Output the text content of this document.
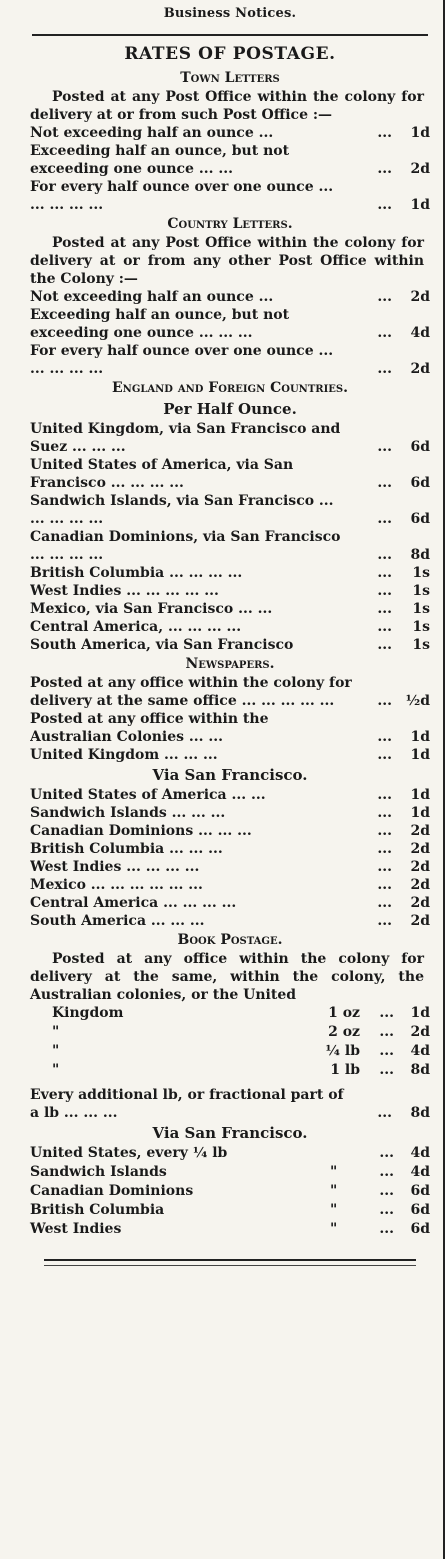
Business Notices.
RATES OF POSTAGE.
Town Letters
Posted at any Post Office within the colony for delivery at or from such Post Office :—
Not exceeding half an ounce ...	...	1d
Exceeding half an ounce, but not exceeding one ounce ... ...	...	2d
For every half ounce over one ounce ... ... ... ... ...	...	1d
Country Letters.
Posted at any Post Office within the colony for delivery at or from any other Post Office within the Colony :—
Not exceeding half an ounce ...	...	2d
Exceeding half an ounce, but not exceeding one ounce ... ... ...	...	4d
For every half ounce over one ounce ... ... ... ... ...	...	2d
England and Foreign Countries.
Per Half Ounce.
United Kingdom, via San Francisco and Suez ... ... ...	...	6d
United States of America, via San Francisco ... ... ... ...	...	6d
Sandwich Islands, via San Francisco ... ... ... ... ...	...	6d
Canadian Dominions, via San Francisco ... ... ... ...	...	8d
British Columbia ... ... ... ...	...	1s
West Indies ... ... ... ... ...	...	1s
Mexico, via San Francisco ... ...	...	1s
Central America, ... ... ... ...	...	1s
South America, via San Francisco	...	1s
Newspapers.
Posted at any office within the colony for delivery at the same office ... ... ... ... ...	... ½d
Posted at any office within the Australian Colonies ... ...	...	1d
United Kingdom ... ... ...	...	1d
Via San Francisco.
United States of America ... ...	...	1d
Sandwich Islands ... ... ...	...	1d
Canadian Dominions ... ... ...	...	2d
British Columbia ... ... ...	...	2d
West Indies ... ... ... ...	...	2d
Mexico ... ... ... ... ... ...	...	2d
Central America ... ... ... ...	...	2d
South America ... ... ...	...	2d
Book Postage.
Posted at any office within the colony for delivery at the same, within the colony, the Australian colonies, or the United
Kingdom	1 oz	...	1d
"	2 oz	...	2d
"	¼ lb	...	4d
"	1 lb	...	8d
Every additional lb, or fractional part of a lb ... ... ...	...	8d
Via San Francisco.
United States, every ¼ lb	...	4d
Sandwich Islands	"	...	4d
Canadian Dominions	"	...	6d
British Columbia	"	...	6d
West Indies	"	...	6d
